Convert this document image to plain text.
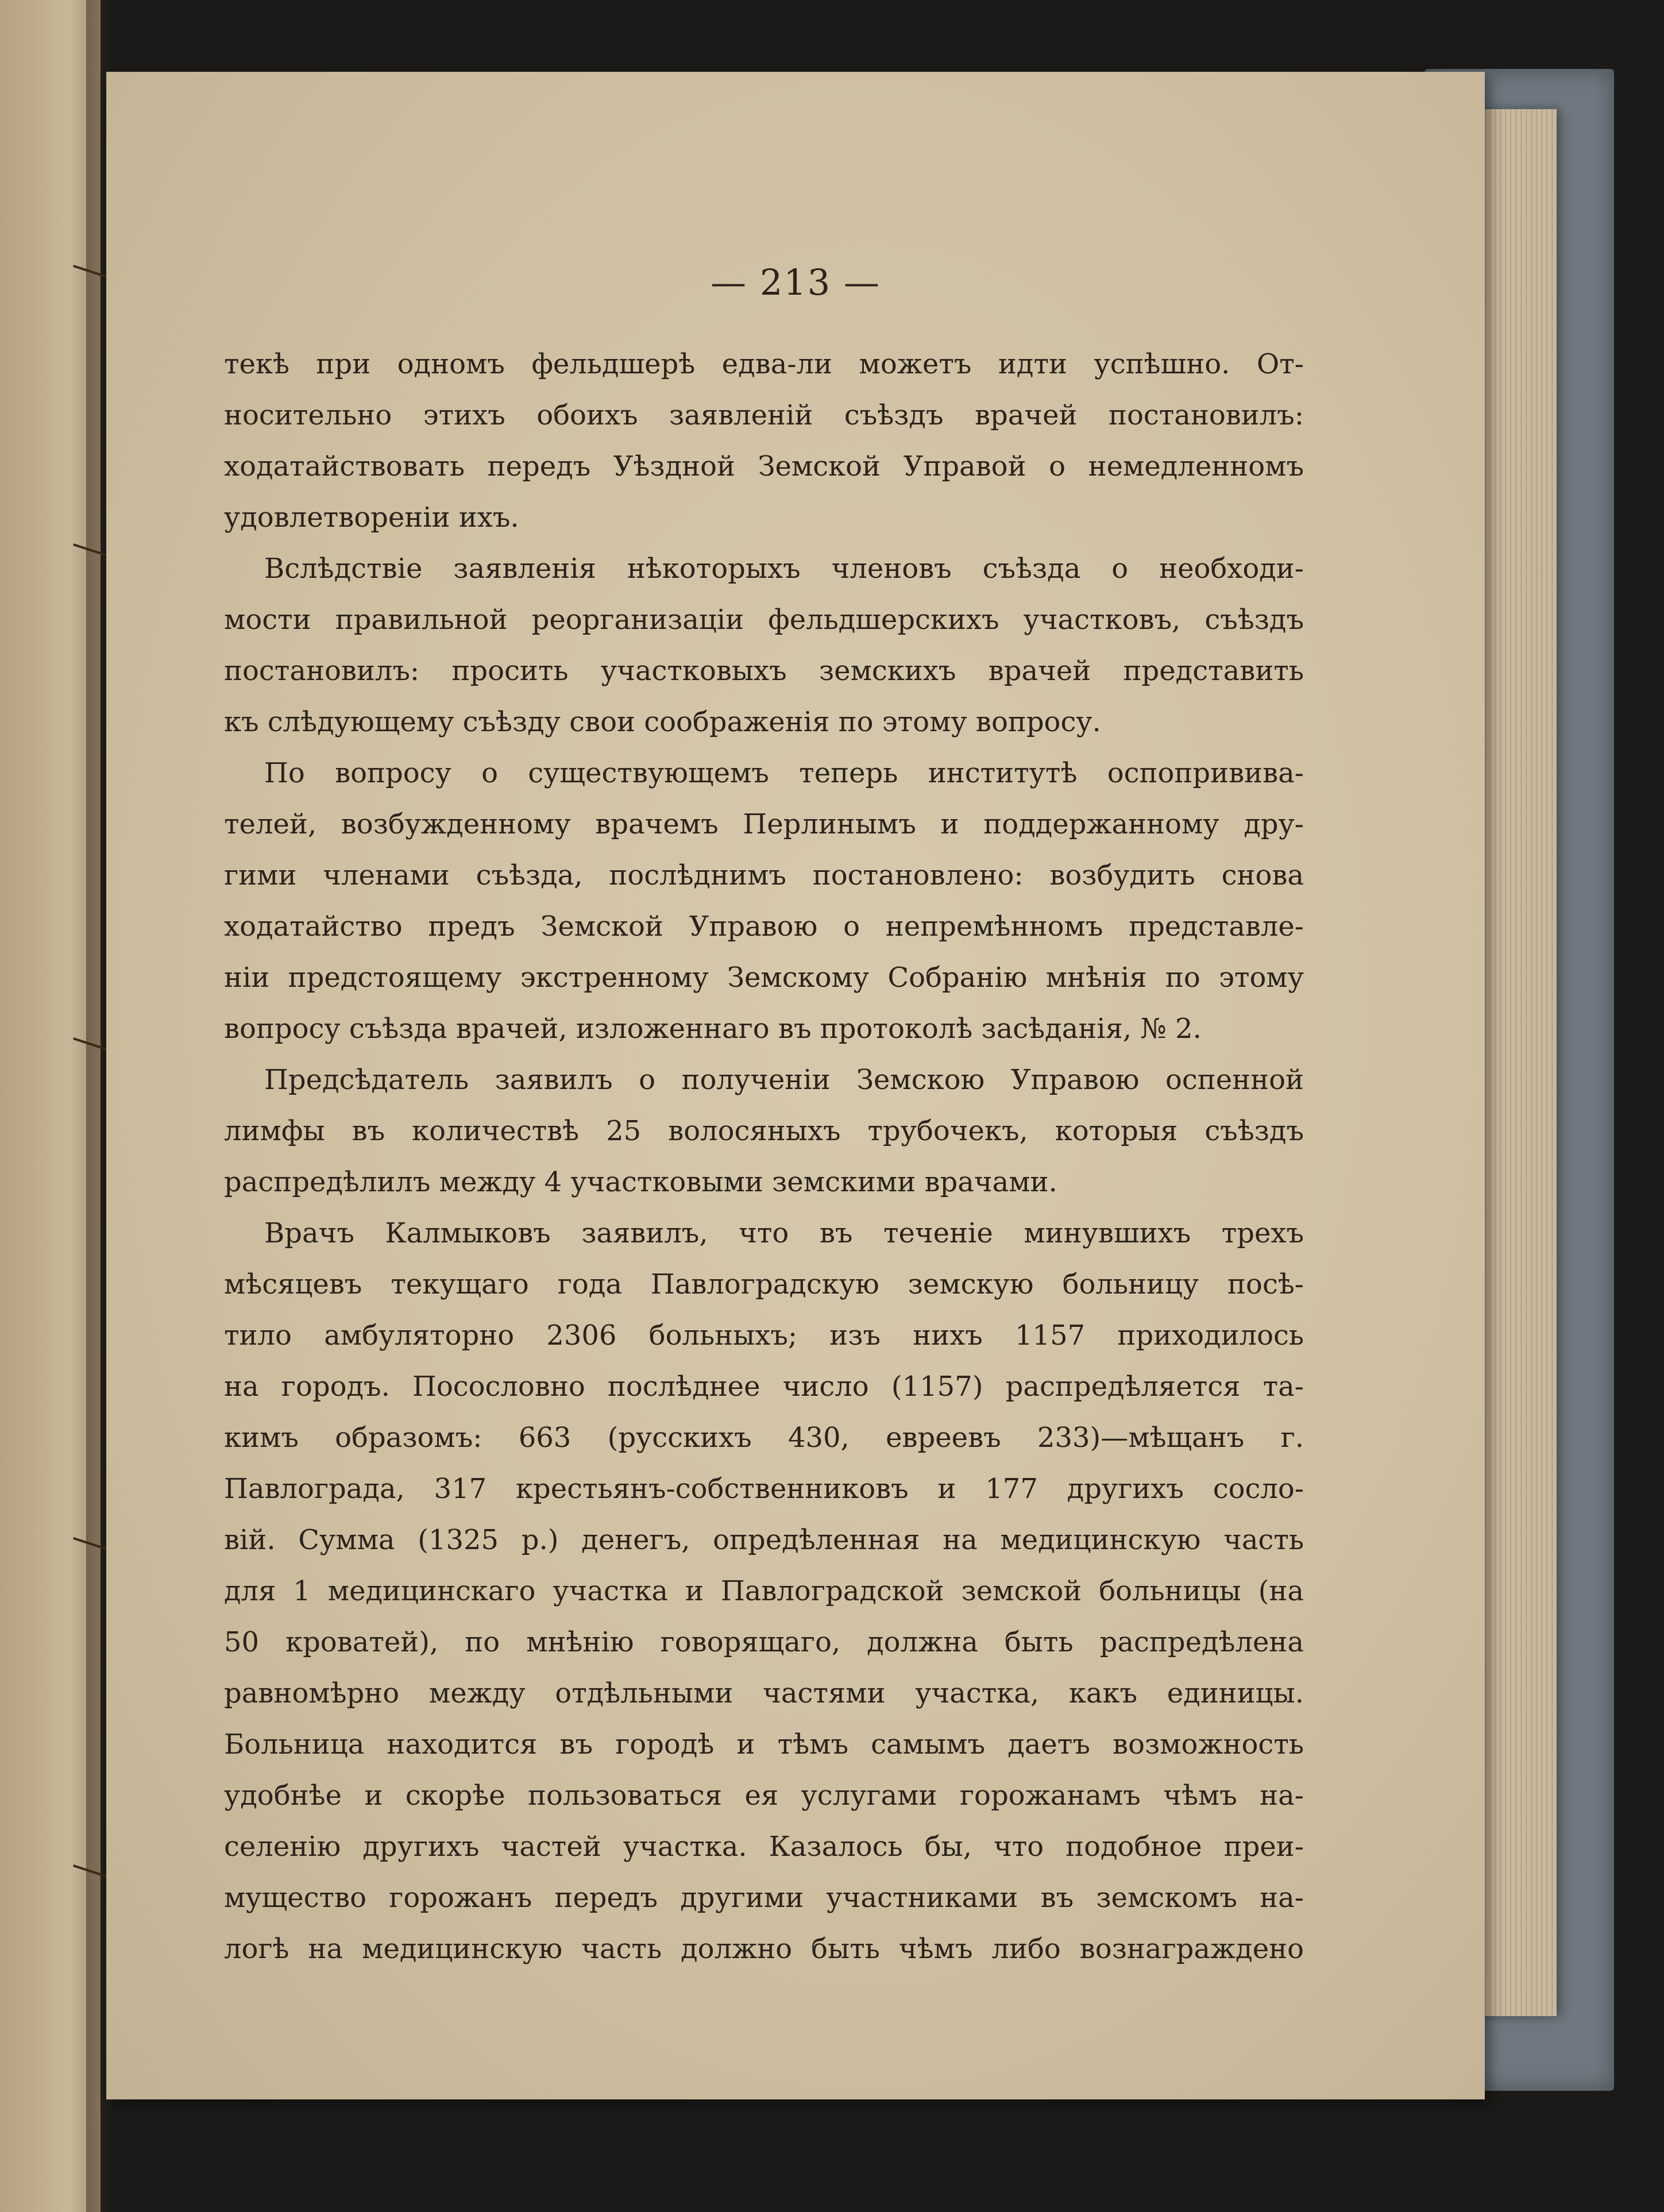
— 213 —
текѣ при одномъ фельдшерѣ едва-ли можетъ идти успѣшно. От-
носительно этихъ обоихъ заявленій съѣздъ врачей постановилъ:
ходатайствовать передъ Уѣздной Земской Управой о немедленномъ
удовлетвореніи ихъ.
Вслѣдствіе заявленія нѣкоторыхъ членовъ съѣзда о необходи-
мости правильной реорганизаціи фельдшерскихъ участковъ, съѣздъ
постановилъ: просить участковыхъ земскихъ врачей представить
къ слѣдующему съѣзду свои соображенія по этому вопросу.
По вопросу о существующемъ теперь институтѣ оспопрививa-
телей, возбужденному врачемъ Перлинымъ и поддержанному дру-
гими членами съѣзда, послѣднимъ постановлено: возбудить снова
ходатайство предъ Земской Управою о непремѣнномъ представле-
ніи предстоящему экстренному Земскому Собранію мнѣнія по этому
вопросу съѣзда врачей, изложеннаго въ протоколѣ засѣданія, № 2.
Предсѣдатель заявилъ о полученіи Земскою Управою оспенной
лимфы въ количествѣ 25 волосяныхъ трубочекъ, которыя съѣздъ
распредѣлилъ между 4 участковыми земскими врачами.
Врачъ Калмыковъ заявилъ, что въ теченіе минувшихъ трехъ
мѣсяцевъ текущаго года Павлоградскую земскую больницу посѣ-
тило амбуляторно 2306 больныхъ; изъ нихъ 1157 приходилось
на городъ. Посословно послѣднее число (1157) распредѣляется та-
кимъ образомъ: 663 (русскихъ 430, евреевъ 233)—мѣщанъ г.
Павлограда, 317 крестьянъ-собственниковъ и 177 другихъ сосло-
вій. Сумма (1325 р.) денегъ, опредѣленная на медицинскую часть
для 1 медицинскаго участка и Павлоградской земской больницы (на
50 кроватей), по мнѣнію говорящаго, должна быть распредѣлена
равномѣрно между отдѣльными частями участка, какъ единицы.
Больница находится въ городѣ и тѣмъ самымъ даетъ возможность
удобнѣе и скорѣе пользоваться ея услугами горожанамъ чѣмъ на-
селенію другихъ частей участка. Казалось бы, что подобное преи-
мущество горожанъ передъ другими участниками въ земскомъ на-
логѣ на медицинскую часть должно быть чѣмъ либо вознаграждено
